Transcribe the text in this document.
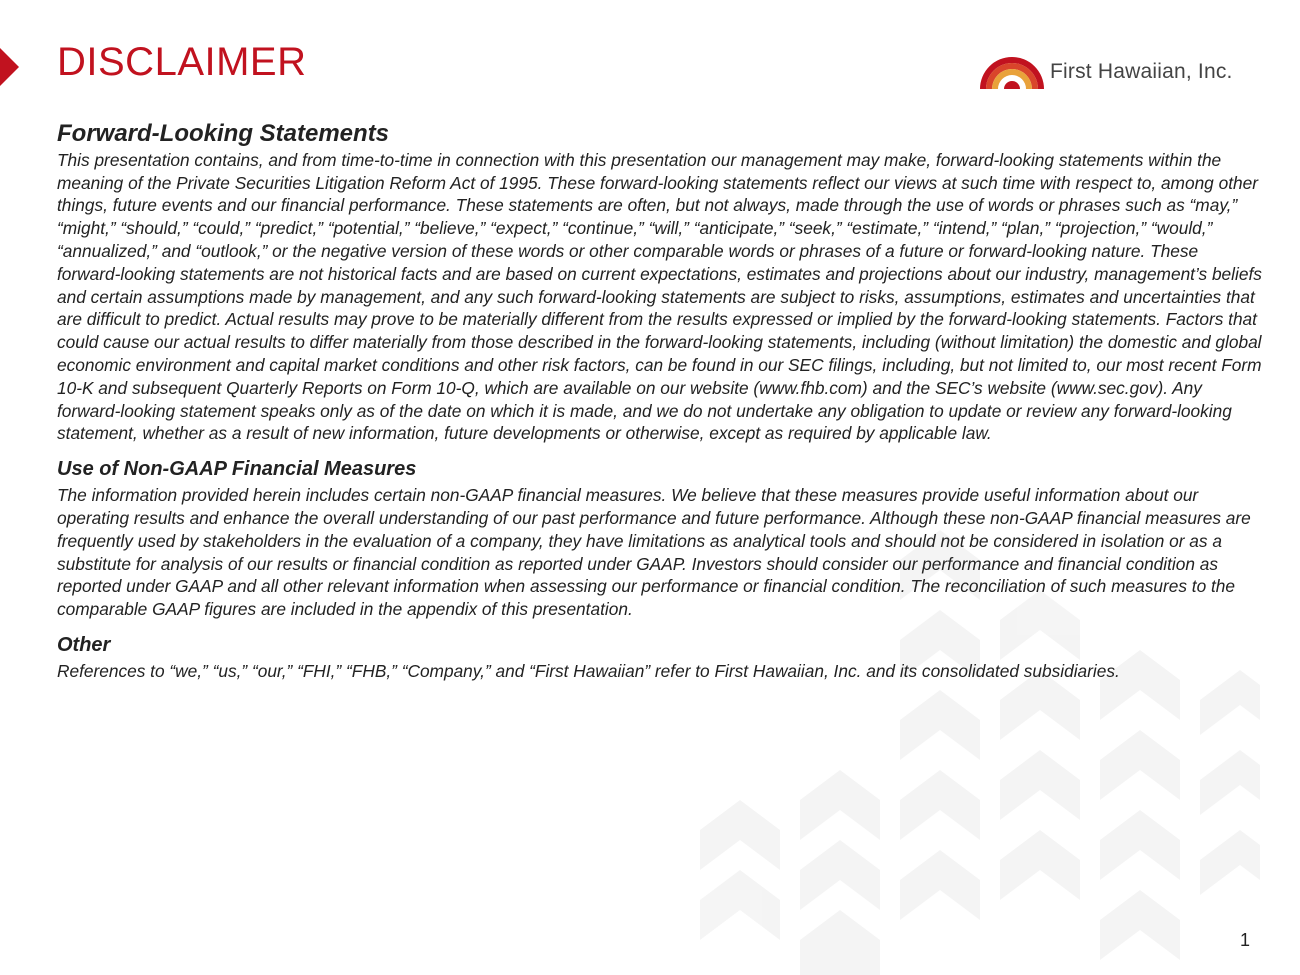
DISCLAIMER	First Hawaiian, Inc.
Forward-Looking Statements

This presentation contains, and from time-to-time in connection with this presentation our management may make, forward-looking statements within the meaning of the Private Securities Litigation Reform Act of 1995. These forward-looking statements reflect our views at such time with respect to, among other things, future events and our financial performance. These statements are often, but not always, made through the use of words or phrases such as “may,” “might,” “should,” “could,” “predict,” “potential,” “believe,” “expect,” “continue,” “will,” “anticipate,” “seek,” “estimate,” “intend,” “plan,” “projection,” “would,” “annualized,” and “outlook,” or the negative version of these words or other comparable words or phrases of a future or forward-looking nature. These forward-looking statements are not historical facts and are based on current expectations, estimates and projections about our industry, management’s beliefs and certain assumptions made by management, and any such forward-looking statements are subject to risks, assumptions, estimates and uncertainties that are difficult to predict. Actual results may prove to be materially different from the results expressed or implied by the forward-looking statements. Factors that could cause our actual results to differ materially from those described in the forward-looking statements, including (without limitation) the domestic and global economic environment and capital market conditions and other risk factors, can be found in our SEC filings, including, but not limited to, our most recent Form 10-K and subsequent Quarterly Reports on Form 10-Q, which are available on our website (www.fhb.com) and the SEC’s website (www.sec.gov). Any forward-looking statement speaks only as of the date on which it is made, and we do not undertake any obligation to update or review any forward-looking statement, whether as a result of new information, future developments or otherwise, except as required by applicable law.

Use of Non-GAAP Financial Measures

The information provided herein includes certain non-GAAP financial measures. We believe that these measures provide useful information about our operating results and enhance the overall understanding of our past performance and future performance. Although these non-GAAP financial measures are frequently used by stakeholders in the evaluation of a company, they have limitations as analytical tools and should not be considered in isolation or as a substitute for analysis of our results or financial condition as reported under GAAP. Investors should consider our performance and financial condition as reported under GAAP and all other relevant information when assessing our performance or financial condition. The reconciliation of such measures to the comparable GAAP figures are included in the appendix of this presentation.

Other

References to “we,” “us,” “our,” “FHI,” “FHB,” “Company,” and “First Hawaiian” refer to First Hawaiian, Inc. and its consolidated subsidiaries.

1
